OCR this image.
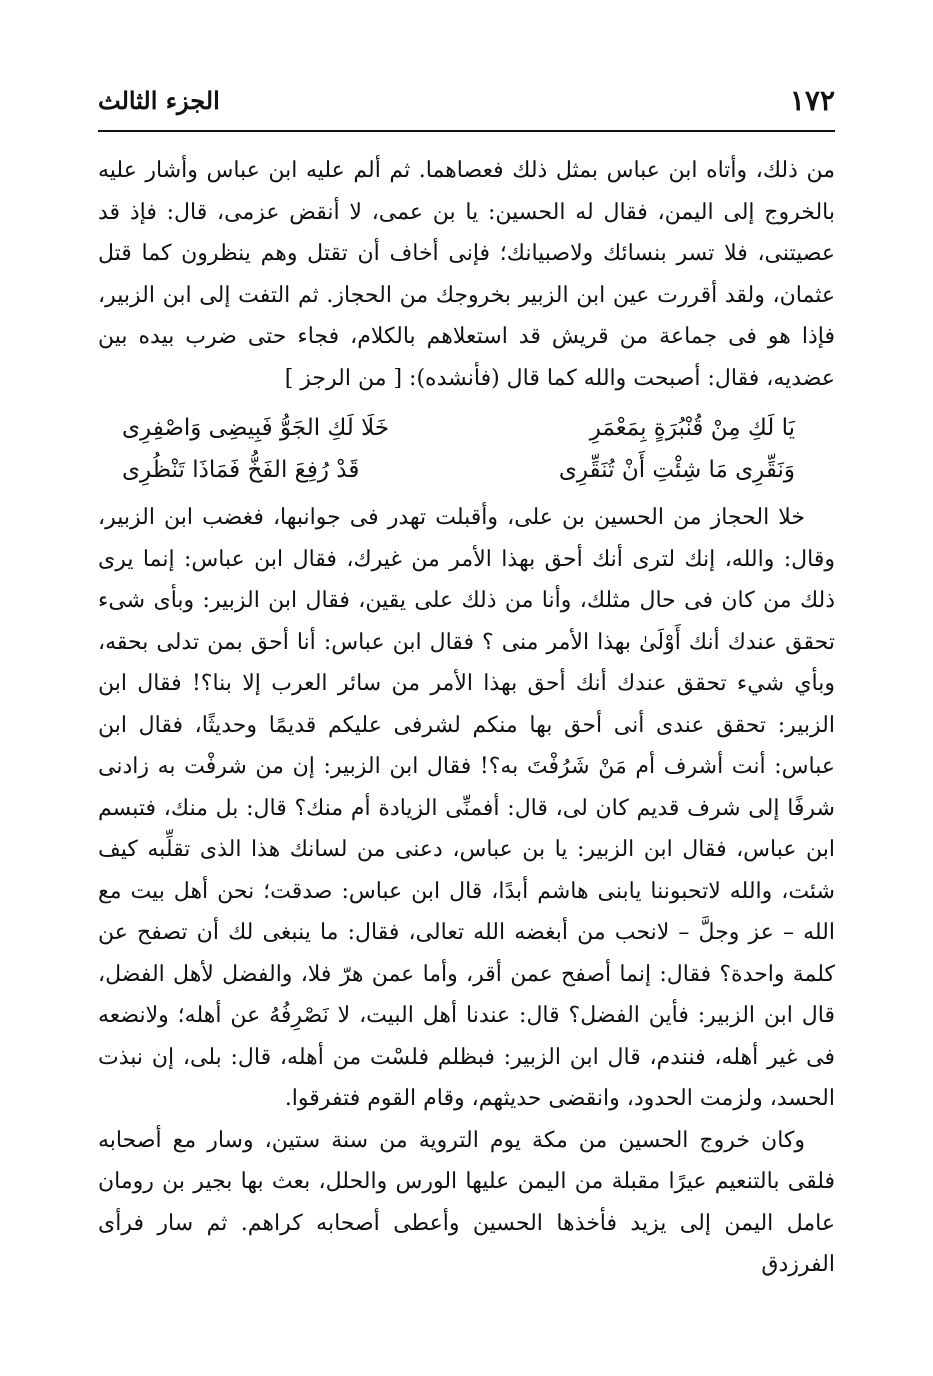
١٧٢
الجزء الثالث

من ذلك، وأتاه ابن عباس بمثل ذلك فعصاهما. ثم ألم عليه ابن عباس وأشار عليه بالخروج إلى اليمن، فقال له الحسين: يا بن عمى، لا أنقض عزمى، قال: فإذ قد عصيتنى، فلا تسر بنسائك ولاصبيانك؛ فإنى أخاف أن تقتل وهم ينظرون كما قتل عثمان، ولقد أقررت عين ابن الزبير بخروجك من الحجاز. ثم التفت إلى ابن الزبير، فإذا هو فى جماعة من قريش قد استعلاهم بالكلام، فجاء حتى ضرب بيده بين عضديه، فقال: أصبحت والله كما قال (فأنشده): [ من الرجز ]

يَا لَكِ مِنْ قُنْبُرَةٍ بِمَعْمَرِ
خَلَا لَكِ الجَوُّ فَبِيضِى وَاصْفِرِى
وَنَقِّرِى مَا شِئْتِ أَنْ تُنَقِّرِى
قَدْ رُفِعَ الفَخُّ فَمَاذَا تَنْظُرِى

خلا الحجاز من الحسين بن على، وأقبلت تهدر فى جوانبها، فغضب ابن الزبير، وقال: والله، إنك لترى أنك أحق بهذا الأمر من غيرك، فقال ابن عباس: إنما يرى ذلك من كان فى حال مثلك، وأنا من ذلك على يقين، فقال ابن الزبير: وبأى شىء تحقق عندك أنك أَوْلَىٰ بهذا الأمر منى ؟ فقال ابن عباس: أنا أحق بمن تدلى بحقه، وبأي شيء تحقق عندك أنك أحق بهذا الأمر من سائر العرب إلا بنا؟! فقال ابن الزبير: تحقق عندى أنى أحق بها منكم لشرفى عليكم قديمًا وحديثًا، فقال ابن عباس: أنت أشرف أم مَنْ شَرُفْتَ به؟! فقال ابن الزبير: إن من شرفْت به زادنى شرفًا إلى شرف قديم كان لى، قال: أفمنِّى الزيادة أم منك؟ قال: بل منك، فتبسم ابن عباس، فقال ابن الزبير: يا بن عباس، دعنى من لسانك هذا الذى تقلِّبه كيف شئت، والله لاتحبوننا يابنى هاشم أبدًا، قال ابن عباس: صدقت؛ نحن أهل بيت مع الله – عز وجلَّ – لانحب من أبغضه الله تعالى، فقال: ما ينبغى لك أن تصفح عن كلمة واحدة؟ فقال: إنما أصفح عمن أقر، وأما عمن هرّ فلا، والفضل لأهل الفضل، قال ابن الزبير: فأين الفضل؟ قال: عندنا أهل البيت، لا نَصْرِفُهُ عن أهله؛ ولانضعه فى غير أهله، فنندم، قال ابن الزبير: فبظلم فلسْت من أهله، قال: بلى، إن نبذت الحسد، ولزمت الحدود، وانقضى حديثهم، وقام القوم فتفرقوا.

وكان خروج الحسين من مكة يوم التروية من سنة ستين، وسار مع أصحابه فلقى بالتنعيم عيرًا مقبلة من اليمن عليها الورس والحلل، بعث بها بجير بن رومان عامل اليمن إلى يزيد فأخذها الحسين وأعطى أصحابه كراهم. ثم سار فرأى الفرزدق
